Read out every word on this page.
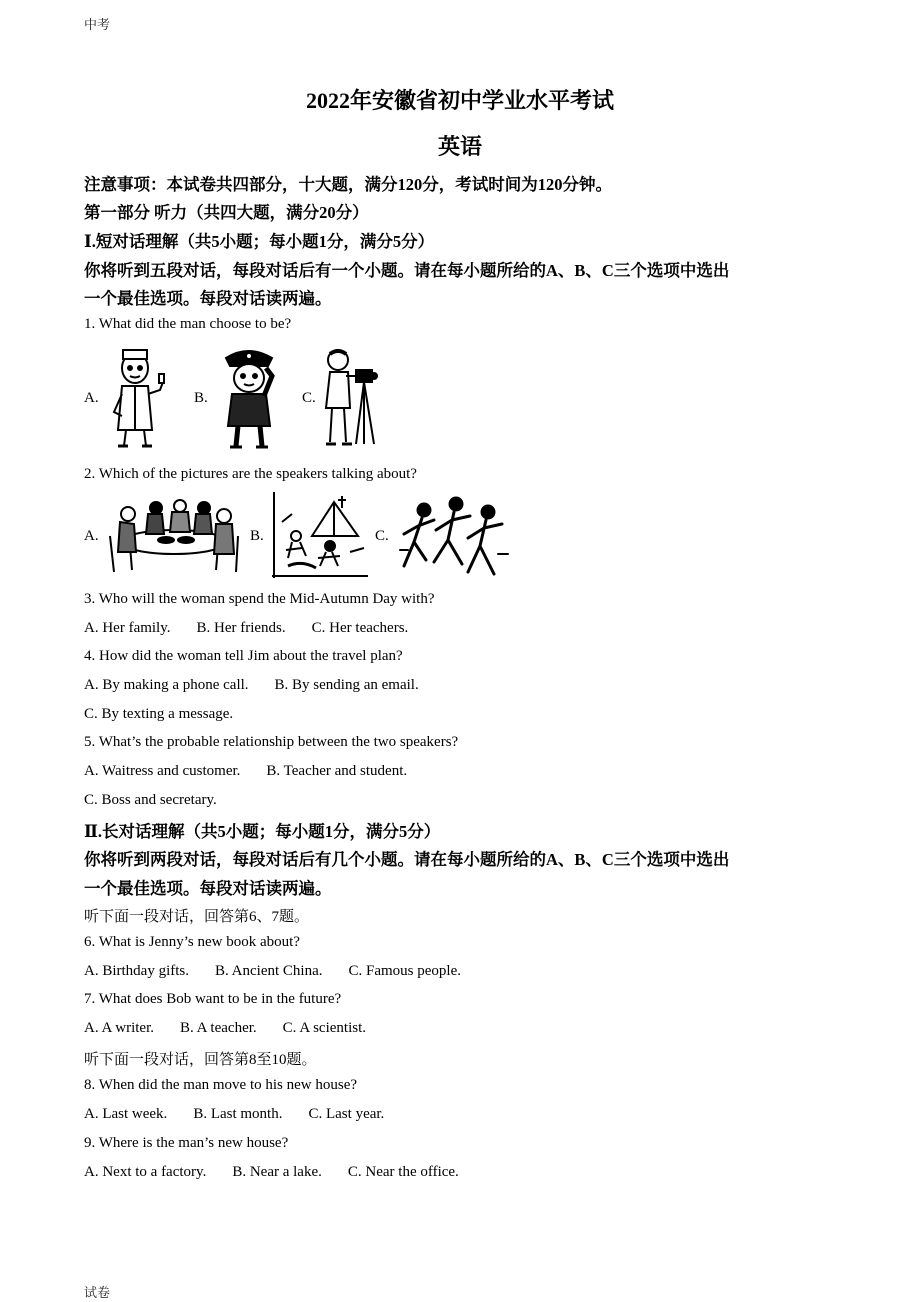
中考
试卷
2022年安徽省初中学业水平考试
英语
注意事项：本试卷共四部分，十大题，满分120分，考试时间为120分钟。
第一部分 听力（共四大题，满分20分）
Ⅰ.短对话理解（共5小题；每小题1分，满分5分）
你将听到五段对话，每段对话后有一个小题。请在每小题所给的A、B、C三个选项中选出
一个最佳选项。每段对话读两遍。
1. What did the man choose to be?
A.	B.	C.
2. Which of the pictures are the speakers talking about?
A.	B.	C.
3. Who will the woman spend the Mid-Autumn Day with?
A. Her family. B. Her friends. C. Her teachers.
4. How did the woman tell Jim about the travel plan?
A. By making a phone call. B. By sending an email.
C. By texting a message.
5. What’s the probable relationship between the two speakers?
A. Waitress and customer. B. Teacher and student.
C. Boss and secretary.
Ⅱ.长对话理解（共5小题；每小题1分，满分5分）
你将听到两段对话，每段对话后有几个小题。请在每小题所给的A、B、C三个选项中选出
一个最佳选项。每段对话读两遍。
听下面一段对话，回答第6、7题。
6. What is Jenny’s new book about?
A. Birthday gifts. B. Ancient China. C. Famous people.
7. What does Bob want to be in the future?
A. A writer. B. A teacher. C. A scientist.
听下面一段对话，回答第8至10题。
8. When did the man move to his new house?
A. Last week. B. Last month. C. Last year.
9. Where is the man’s new house?
A. Next to a factory. B. Near a lake. C. Near the office.
